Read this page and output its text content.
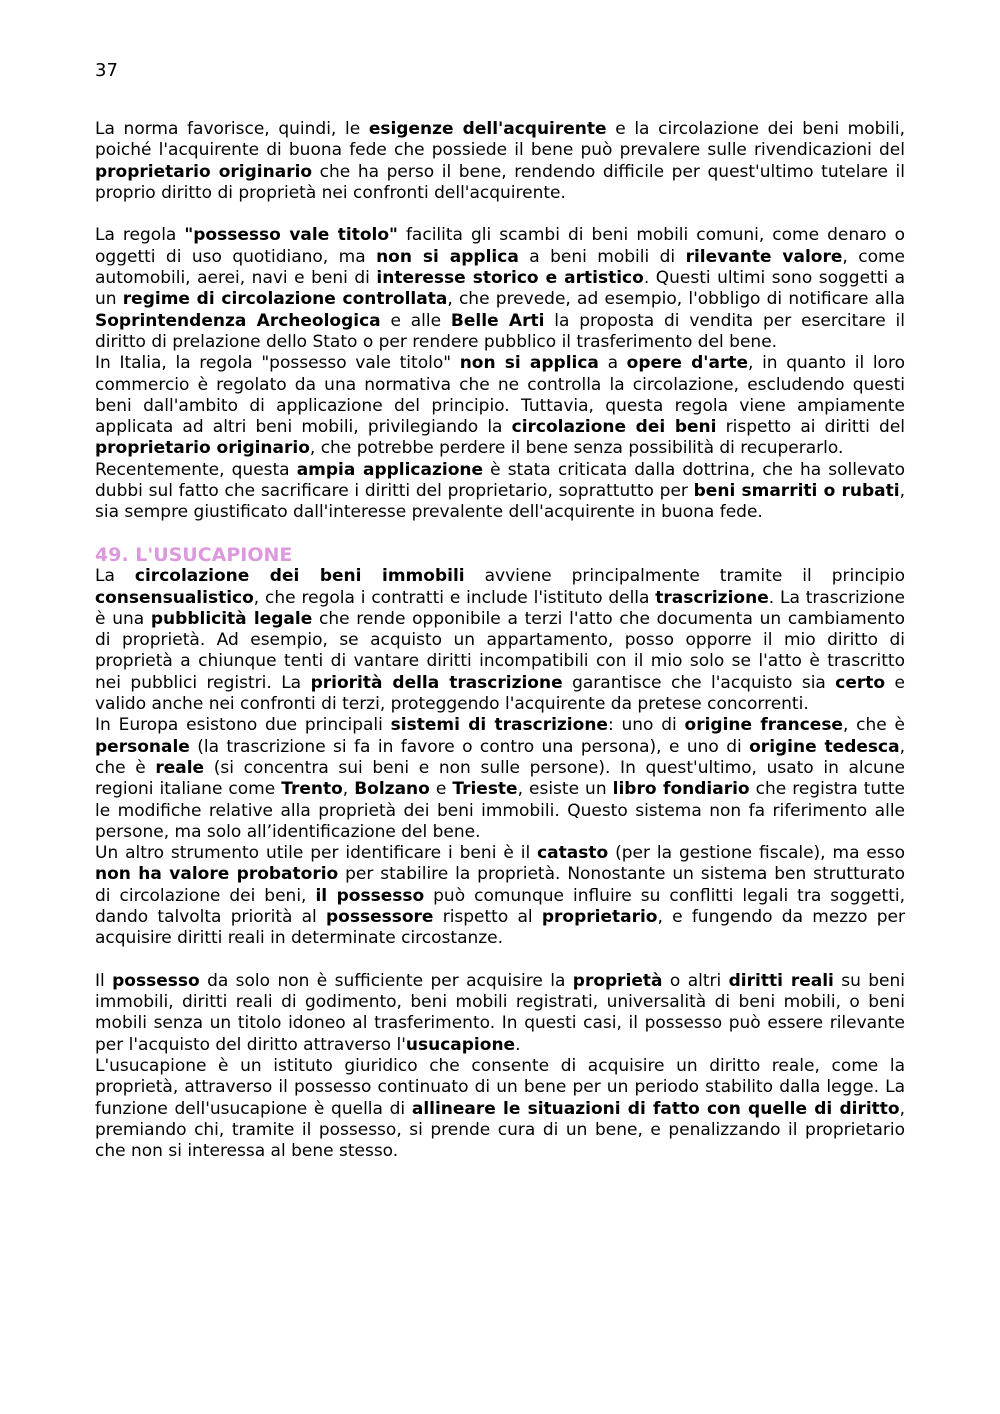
37

La norma favorisce, quindi, le esigenze dell'acquirente e la circolazione dei beni mobili, poiché l'acquirente di buona fede che possiede il bene può prevalere sulle rivendicazioni del proprietario originario che ha perso il bene, rendendo difficile per quest'ultimo tutelare il proprio diritto di proprietà nei confronti dell'acquirente.

La regola "possesso vale titolo" facilita gli scambi di beni mobili comuni, come denaro o oggetti di uso quotidiano, ma non si applica a beni mobili di rilevante valore, come automobili, aerei, navi e beni di interesse storico e artistico. Questi ultimi sono soggetti a un regime di circolazione controllata, che prevede, ad esempio, l'obbligo di notificare alla Soprintendenza Archeologica e alle Belle Arti la proposta di vendita per esercitare il diritto di prelazione dello Stato o per rendere pubblico il trasferimento del bene.

In Italia, la regola "possesso vale titolo" non si applica a opere d'arte, in quanto il loro commercio è regolato da una normativa che ne controlla la circolazione, escludendo questi beni dall'ambito di applicazione del principio. Tuttavia, questa regola viene ampiamente applicata ad altri beni mobili, privilegiando la circolazione dei beni rispetto ai diritti del proprietario originario, che potrebbe perdere il bene senza possibilità di recuperarlo.

Recentemente, questa ampia applicazione è stata criticata dalla dottrina, che ha sollevato dubbi sul fatto che sacrificare i diritti del proprietario, soprattutto per beni smarriti o rubati, sia sempre giustificato dall'interesse prevalente dell'acquirente in buona fede.

49. L'USUCAPIONE

La circolazione dei beni immobili avviene principalmente tramite il principio consensualistico, che regola i contratti e include l'istituto della trascrizione. La trascrizione è una pubblicità legale che rende opponibile a terzi l'atto che documenta un cambiamento di proprietà. Ad esempio, se acquisto un appartamento, posso opporre il mio diritto di proprietà a chiunque tenti di vantare diritti incompatibili con il mio solo se l'atto è trascritto nei pubblici registri. La priorità della trascrizione garantisce che l'acquisto sia certo e valido anche nei confronti di terzi, proteggendo l'acquirente da pretese concorrenti.

In Europa esistono due principali sistemi di trascrizione: uno di origine francese, che è personale (la trascrizione si fa in favore o contro una persona), e uno di origine tedesca, che è reale (si concentra sui beni e non sulle persone). In quest'ultimo, usato in alcune regioni italiane come Trento, Bolzano e Trieste, esiste un libro fondiario che registra tutte le modifiche relative alla proprietà dei beni immobili. Questo sistema non fa riferimento alle persone, ma solo all’identificazione del bene.

Un altro strumento utile per identificare i beni è il catasto (per la gestione fiscale), ma esso non ha valore probatorio per stabilire la proprietà. Nonostante un sistema ben strutturato di circolazione dei beni, il possesso può comunque influire su conflitti legali tra soggetti, dando talvolta priorità al possessore rispetto al proprietario, e fungendo da mezzo per acquisire diritti reali in determinate circostanze.

Il possesso da solo non è sufficiente per acquisire la proprietà o altri diritti reali su beni immobili, diritti reali di godimento, beni mobili registrati, universalità di beni mobili, o beni mobili senza un titolo idoneo al trasferimento. In questi casi, il possesso può essere rilevante per l'acquisto del diritto attraverso l'usucapione.

L'usucapione è un istituto giuridico che consente di acquisire un diritto reale, come la proprietà, attraverso il possesso continuato di un bene per un periodo stabilito dalla legge. La funzione dell'usucapione è quella di allineare le situazioni di fatto con quelle di diritto, premiando chi, tramite il possesso, si prende cura di un bene, e penalizzando il proprietario che non si interessa al bene stesso.
